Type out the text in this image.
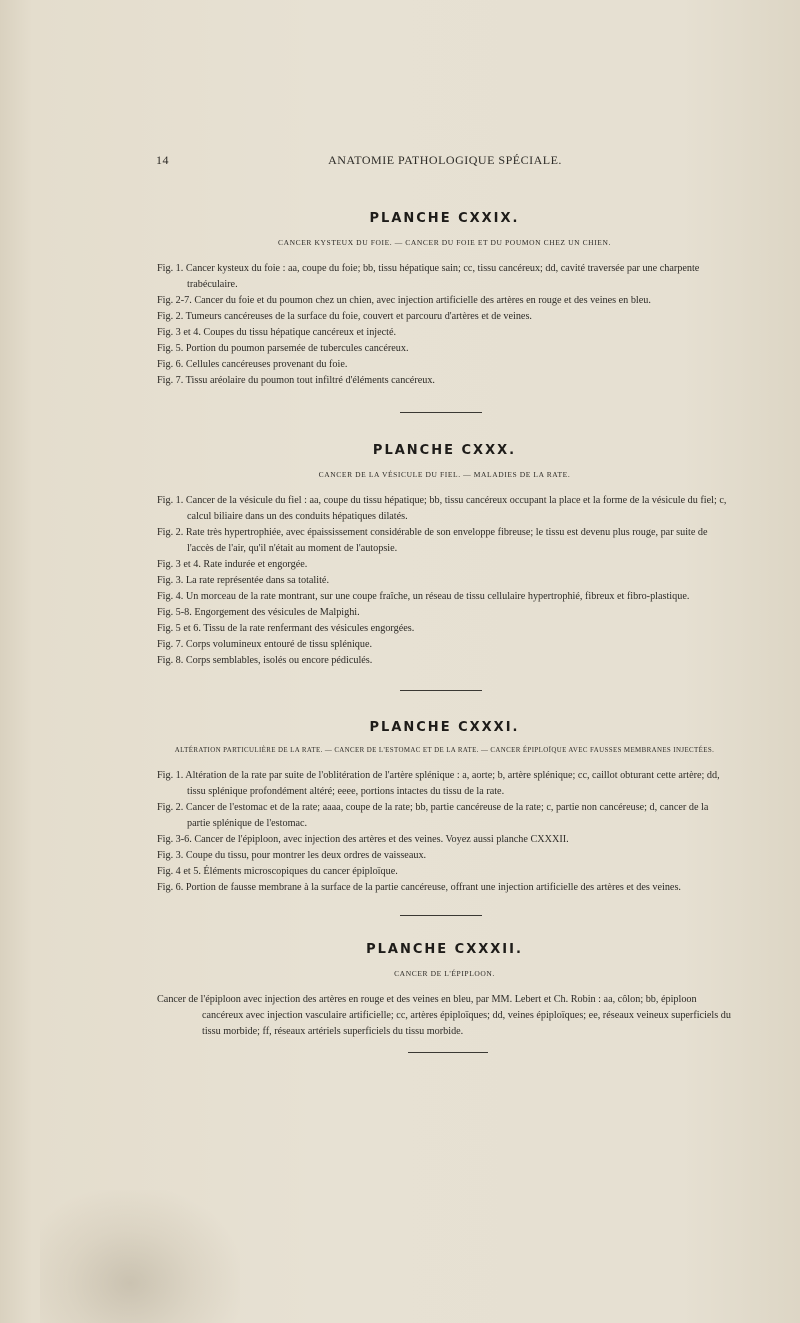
14	ANATOMIE PATHOLOGIQUE SPÉCIALE.
PLANCHE CXXIX.
CANCER KYSTEUX DU FOIE. — CANCER DU FOIE ET DU POUMON CHEZ UN CHIEN.
Fig. 1. Cancer kysteux du foie : aa, coupe du foie; bb, tissu hépatique sain; cc, tissu cancéreux; dd, cavité traversée par une charpente trabéculaire.
Fig. 2-7. Cancer du foie et du poumon chez un chien, avec injection artificielle des artères en rouge et des veines en bleu.
Fig. 2. Tumeurs cancéreuses de la surface du foie, couvert et parcouru d'artères et de veines.
Fig. 3 et 4. Coupes du tissu hépatique cancéreux et injecté.
Fig. 5. Portion du poumon parsemée de tubercules cancéreux.
Fig. 6. Cellules cancéreuses provenant du foie.
Fig. 7. Tissu aréolaire du poumon tout infiltré d'éléments cancéreux.
PLANCHE CXXX.
CANCER DE LA VÉSICULE DU FIEL. — MALADIES DE LA RATE.
Fig. 1. Cancer de la vésicule du fiel : aa, coupe du tissu hépatique; bb, tissu cancéreux occupant la place et la forme de la vésicule du fiel; c, calcul biliaire dans un des conduits hépatiques dilatés.
Fig. 2. Rate très hypertrophiée, avec épaississement considérable de son enveloppe fibreuse; le tissu est devenu plus rouge, par suite de l'accès de l'air, qu'il n'était au moment de l'autopsie.
Fig. 3 et 4. Rate indurée et engorgée.
Fig. 3. La rate représentée dans sa totalité.
Fig. 4. Un morceau de la rate montrant, sur une coupe fraîche, un réseau de tissu cellulaire hypertrophié, fibreux et fibro-plastique.
Fig. 5-8. Engorgement des vésicules de Malpighi.
Fig. 5 et 6. Tissu de la rate renfermant des vésicules engorgées.
Fig. 7. Corps volumineux entouré de tissu splénique.
Fig. 8. Corps semblables, isolés ou encore pédiculés.
PLANCHE CXXXI.
ALTÉRATION PARTICULIÈRE DE LA RATE. — CANCER DE L'ESTOMAC ET DE LA RATE. — CANCER ÉPIPLOÏQUE AVEC FAUSSES MEMBRANES INJECTÉES.
Fig. 1. Altération de la rate par suite de l'oblitération de l'artère splénique : a, aorte; b, artère splénique; cc, caillot obturant cette artère; dd, tissu splénique profondément altéré; eeee, portions intactes du tissu de la rate.
Fig. 2. Cancer de l'estomac et de la rate; aaaa, coupe de la rate; bb, partie cancéreuse de la rate; c, partie non cancéreuse; d, cancer de la partie splénique de l'estomac.
Fig. 3-6. Cancer de l'épiploon, avec injection des artères et des veines. Voyez aussi planche CXXXII.
Fig. 3. Coupe du tissu, pour montrer les deux ordres de vaisseaux.
Fig. 4 et 5. Éléments microscopiques du cancer épiploïque.
Fig. 6. Portion de fausse membrane à la surface de la partie cancéreuse, offrant une injection artificielle des artères et des veines.
PLANCHE CXXXII.
CANCER DE L'ÉPIPLOON.
Cancer de l'épiploon avec injection des artères en rouge et des veines en bleu, par MM. Lebert et Ch. Robin : aa, côlon; bb, épiploon cancéreux avec injection vasculaire artificielle; cc, artères épiploïques; dd, veines épiploïques; ee, réseaux veineux superficiels du tissu morbide; ff, réseaux artériels superficiels du tissu morbide.
